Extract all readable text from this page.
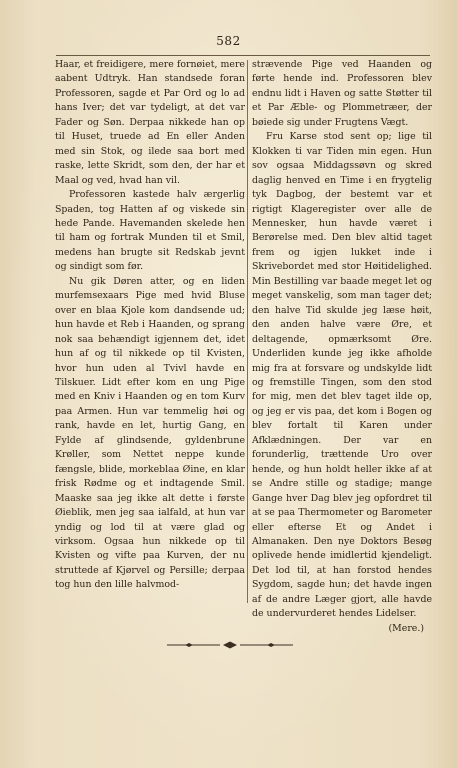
582

Haar, et freidigere, mere fornøiet, mere aabent Udtryk. Han standsede foran Professoren, sagde et Par Ord og lo ad hans Iver; det var tydeligt, at det var Fader og Søn. Derpaa nikkede han op til Huset, truede ad En eller Anden med sin Stok, og ilede saa bort med raske, lette Skridt, som den, der har et Maal og ved, hvad han vil.

Professoren kastede halv ærgerlig Spaden, tog Hatten af og viskede sin hede Pande. Havemanden skelede hen til ham og fortrak Munden til et Smil, medens han brugte sit Redskab jevnt og sindigt som før.

Nu gik Døren atter, og en liden murfemsexaars Pige med hvid Bluse over en blaa Kjole kom dandsende ud; hun havde et Reb i Haanden, og sprang nok saa behændigt igjennem det, idet hun af og til nikkede op til Kvisten, hvor hun uden al Tvivl havde en Tilskuer. Lidt efter kom en ung Pige med en Kniv i Haanden og en tom Kurv paa Armen. Hun var temmelig høi og rank, havde en let, hurtig Gang, en Fylde af glindsende, gyldenbrune Krøller, som Nettet neppe kunde fængsle, blide, morkeblaa Øine, en klar frisk Rødme og et indtagende Smil. Maaske saa jeg ikke alt dette i første Øieblik, men jeg saa ialfald, at hun var yndig og lod til at være glad og virksom. Ogsaa hun nikkede op til Kvisten og vifte paa Kurven, der nu struttede af Kjørvel og Persille; derpaa tog hun den lille halvmod-

strævende Pige ved Haanden og førte hende ind. Professoren blev endnu lidt i Haven og satte Støtter til et Par Æble- og Plommetræer, der bøiede sig under Frugtens Vægt.

Fru Karse stod sent op; lige til Klokken ti var Tiden min egen. Hun sov ogsaa Middagssøvn og skred daglig henved en Time i en frygtelig tyk Dagbog, der bestemt var et rigtigt Klageregister over alle de Mennesker, hun havde været i Berørelse med. Den blev altid taget frem og igjen lukket inde i Skrivebordet med stor Høitidelighed. Min Bestilling var baade meget let og meget vanskelig, som man tager det; den halve Tid skulde jeg læse høit, den anden halve være Øre, et deltagende, opmærksomt Øre. Underliden kunde jeg ikke afholde mig fra at forsvare og undskylde lidt og fremstille Tingen, som den stod for mig, men det blev taget ilde op, og jeg er vis paa, det kom i Bogen og blev fortalt til Karen under Afklædningen. Der var en forunderlig, trættende Uro over hende, og hun holdt heller ikke af at se Andre stille og stadige; mange Gange hver Dag blev jeg opfordret til at se paa Thermometer og Barometer eller efterse Et og Andet i Almanaken. Den nye Doktors Besøg oplivede hende imidlertid kjendeligt. Det lod til, at han forstod hendes Sygdom, sagde hun; det havde ingen af de andre Læger gjort, alle havde de undervurderet hendes Lidelser.

(Mere.)
